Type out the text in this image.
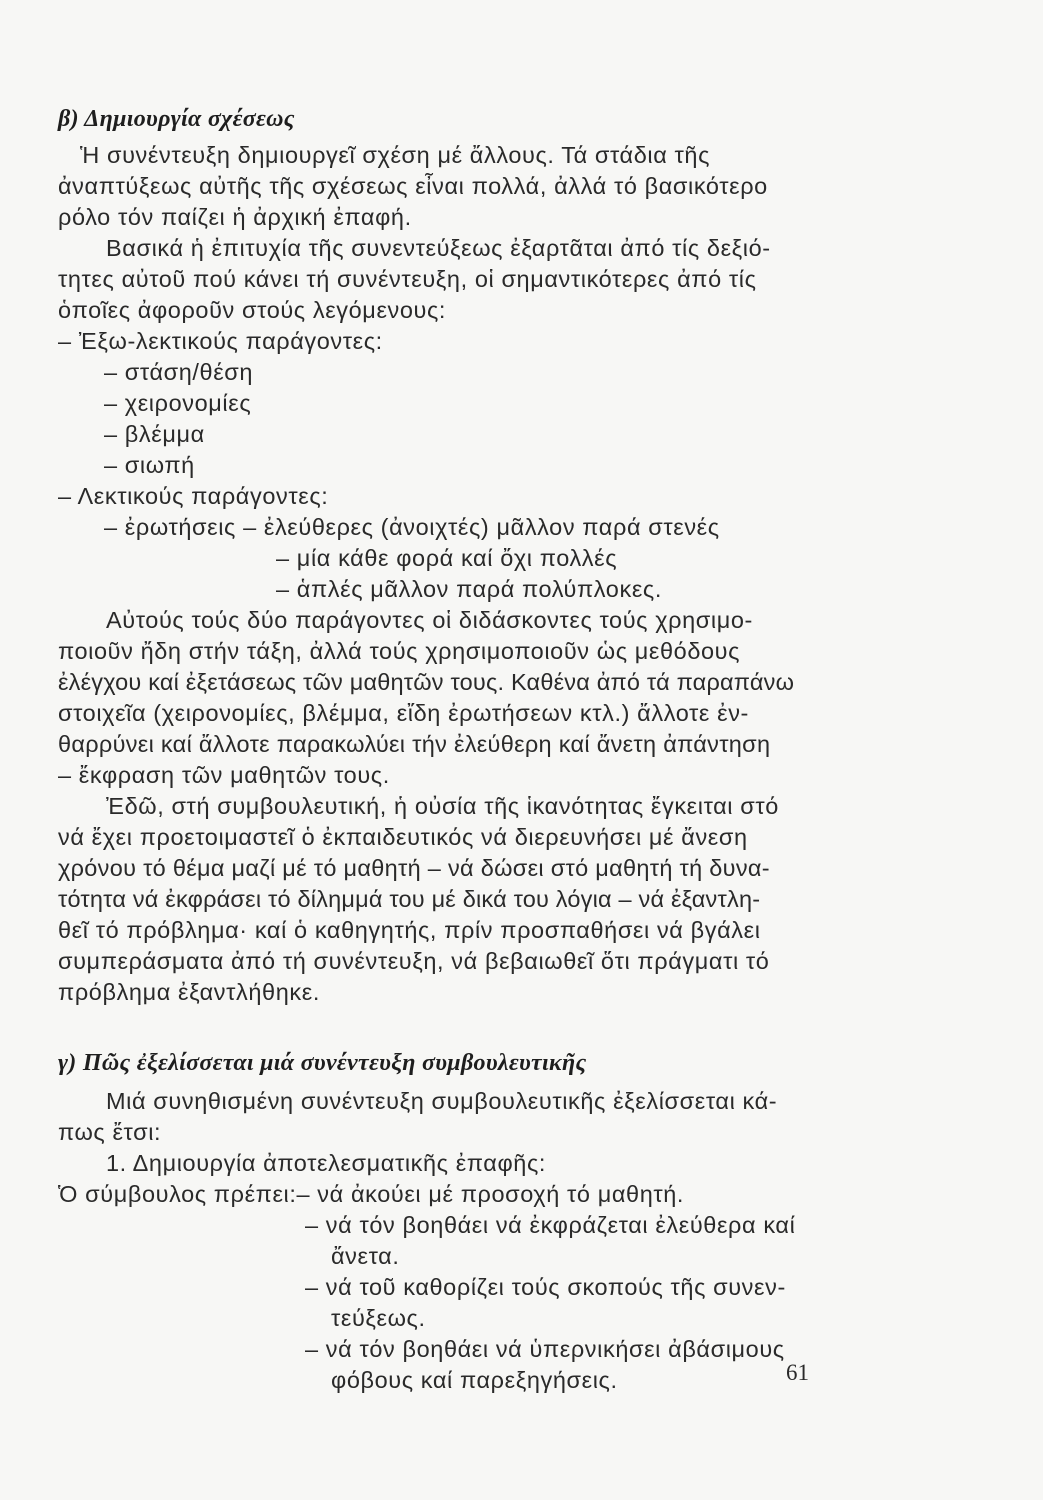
β) Δημιουργία σχέσεως
Ἡ συνέντευξη δημιουργεῖ σχέση μέ ἄλλους. Τά στάδια τῆς
ἀναπτύξεως αὐτῆς τῆς σχέσεως εἶναι πολλά, ἀλλά τό βασικότερο
ρόλο τόν παίζει ἡ ἀρχική ἐπαφή.
Βασικά ἡ ἐπιτυχία τῆς συνεντεύξεως ἐξαρτᾶται ἀπό τίς δεξιό-
τητες αὐτοῦ πού κάνει τή συνέντευξη, οἱ σημαντικότερες ἀπό τίς
ὁποῖες ἀφοροῦν στούς λεγόμενους:
– Ἐξω-λεκτικούς παράγοντες:
– στάση/θέση
– χειρονομίες
– βλέμμα
– σιωπή
– Λεκτικούς παράγοντες:
– ἐρωτήσεις – ἐλεύθερες (ἀνοιχτές) μᾶλλον παρά στενές
– μία κάθε φορά καί ὄχι πολλές
– ἁπλές μᾶλλον παρά πολύπλοκες.
Αὐτούς τούς δύο παράγοντες οἱ διδάσκοντες τούς χρησιμο-
ποιοῦν ἤδη στήν τάξη, ἀλλά τούς χρησιμοποιοῦν ὡς μεθόδους
ἐλέγχου καί ἐξετάσεως τῶν μαθητῶν τους. Καθένα ἀπό τά παραπάνω
στοιχεῖα (χειρονομίες, βλέμμα, εἴδη ἐρωτήσεων κτλ.) ἄλλοτε ἐν-
θαρρύνει καί ἄλλοτε παρακωλύει τήν ἐλεύθερη καί ἄνετη ἀπάντηση
– ἔκφραση τῶν μαθητῶν τους.
Ἐδῶ, στή συμβουλευτική, ἡ οὐσία τῆς ἱκανότητας ἔγκειται στό
νά ἔχει προετοιμαστεῖ ὁ ἐκπαιδευτικός νά διερευνήσει μέ ἄνεση
χρόνου τό θέμα μαζί μέ τό μαθητή – νά δώσει στό μαθητή τή δυνα-
τότητα νά ἐκφράσει τό δίλημμά του μέ δικά του λόγια – νά ἐξαντλη-
θεῖ τό πρόβλημα· καί ὁ καθηγητής, πρίν προσπαθήσει νά βγάλει
συμπεράσματα ἀπό τή συνέντευξη, νά βεβαιωθεῖ ὅτι πράγματι τό
πρόβλημα ἐξαντλήθηκε.
γ) Πῶς ἐξελίσσεται μιά συνέντευξη συμβουλευτικῆς
Μιά συνηθισμένη συνέντευξη συμβουλευτικῆς ἐξελίσσεται κά-
πως ἔτσι:
1. Δημιουργία ἀποτελεσματικῆς ἐπαφῆς:
Ὁ σύμβουλος πρέπει:– νά ἀκούει μέ προσοχή τό μαθητή.
– νά τόν βοηθάει νά ἐκφράζεται ἐλεύθερα καί
ἄνετα.
– νά τοῦ καθορίζει τούς σκοπούς τῆς συνεν-
τεύξεως.
– νά τόν βοηθάει νά ὑπερνικήσει ἀβάσιμους
φόβους καί παρεξηγήσεις.	61
